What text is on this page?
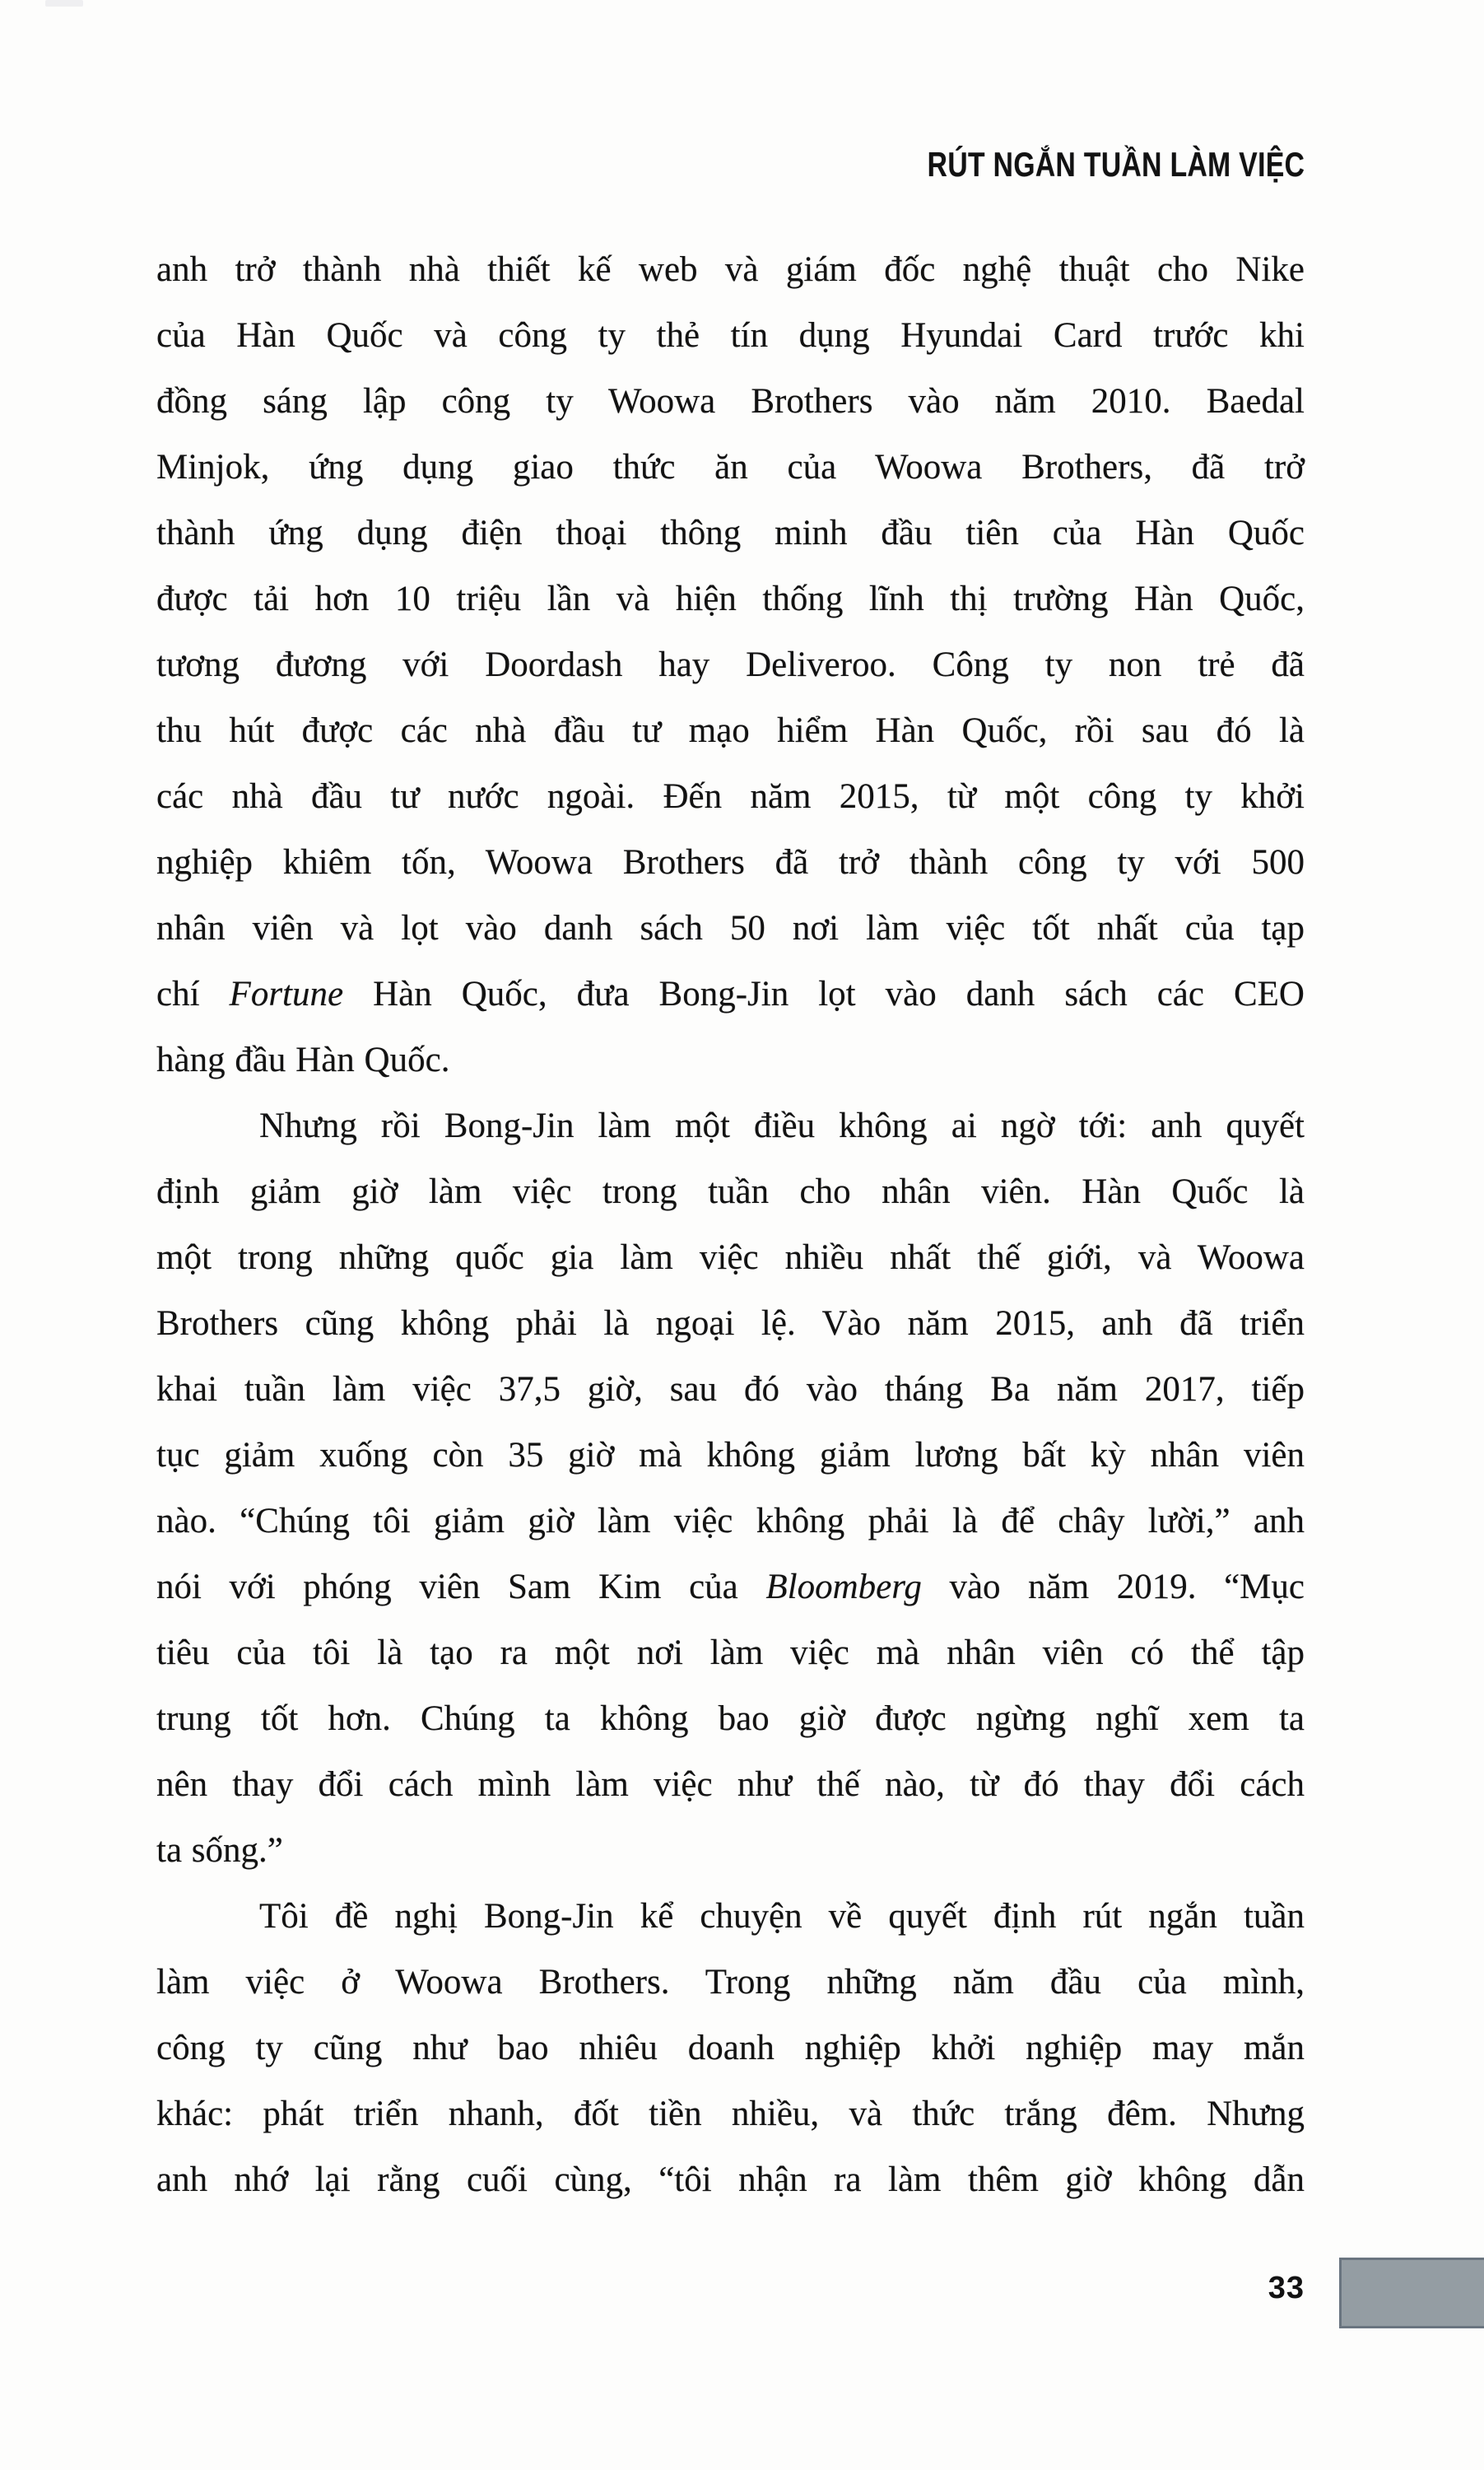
RÚT NGẮN TUẦN LÀM VIỆC
anh trở thành nhà thiết kế web và giám đốc nghệ thuật cho Nike
của Hàn Quốc và công ty thẻ tín dụng Hyundai Card trước khi
đồng sáng lập công ty Woowa Brothers vào năm 2010. Baedal
Minjok, ứng dụng giao thức ăn của Woowa Brothers, đã trở
thành ứng dụng điện thoại thông minh đầu tiên của Hàn Quốc
được tải hơn 10 triệu lần và hiện thống lĩnh thị trường Hàn Quốc,
tương đương với Doordash hay Deliveroo. Công ty non trẻ đã
thu hút được các nhà đầu tư mạo hiểm Hàn Quốc, rồi sau đó là
các nhà đầu tư nước ngoài. Đến năm 2015, từ một công ty khởi
nghiệp khiêm tốn, Woowa Brothers đã trở thành công ty với 500
nhân viên và lọt vào danh sách 50 nơi làm việc tốt nhất của tạp
chí Fortune Hàn Quốc, đưa Bong-Jin lọt vào danh sách các CEO
hàng đầu Hàn Quốc.
Nhưng rồi Bong-Jin làm một điều không ai ngờ tới: anh quyết
định giảm giờ làm việc trong tuần cho nhân viên. Hàn Quốc là
một trong những quốc gia làm việc nhiều nhất thế giới, và Woowa
Brothers cũng không phải là ngoại lệ. Vào năm 2015, anh đã triển
khai tuần làm việc 37,5 giờ, sau đó vào tháng Ba năm 2017, tiếp
tục giảm xuống còn 35 giờ mà không giảm lương bất kỳ nhân viên
nào. “Chúng tôi giảm giờ làm việc không phải là để chây lười,” anh
nói với phóng viên Sam Kim của Bloomberg vào năm 2019. “Mục
tiêu của tôi là tạo ra một nơi làm việc mà nhân viên có thể tập
trung tốt hơn. Chúng ta không bao giờ được ngừng nghĩ xem ta
nên thay đổi cách mình làm việc như thế nào, từ đó thay đổi cách
ta sống.”
Tôi đề nghị Bong-Jin kể chuyện về quyết định rút ngắn tuần
làm việc ở Woowa Brothers. Trong những năm đầu của mình,
công ty cũng như bao nhiêu doanh nghiệp khởi nghiệp may mắn
khác: phát triển nhanh, đốt tiền nhiều, và thức trắng đêm. Nhưng
anh nhớ lại rằng cuối cùng, “tôi nhận ra làm thêm giờ không dẫn
33
